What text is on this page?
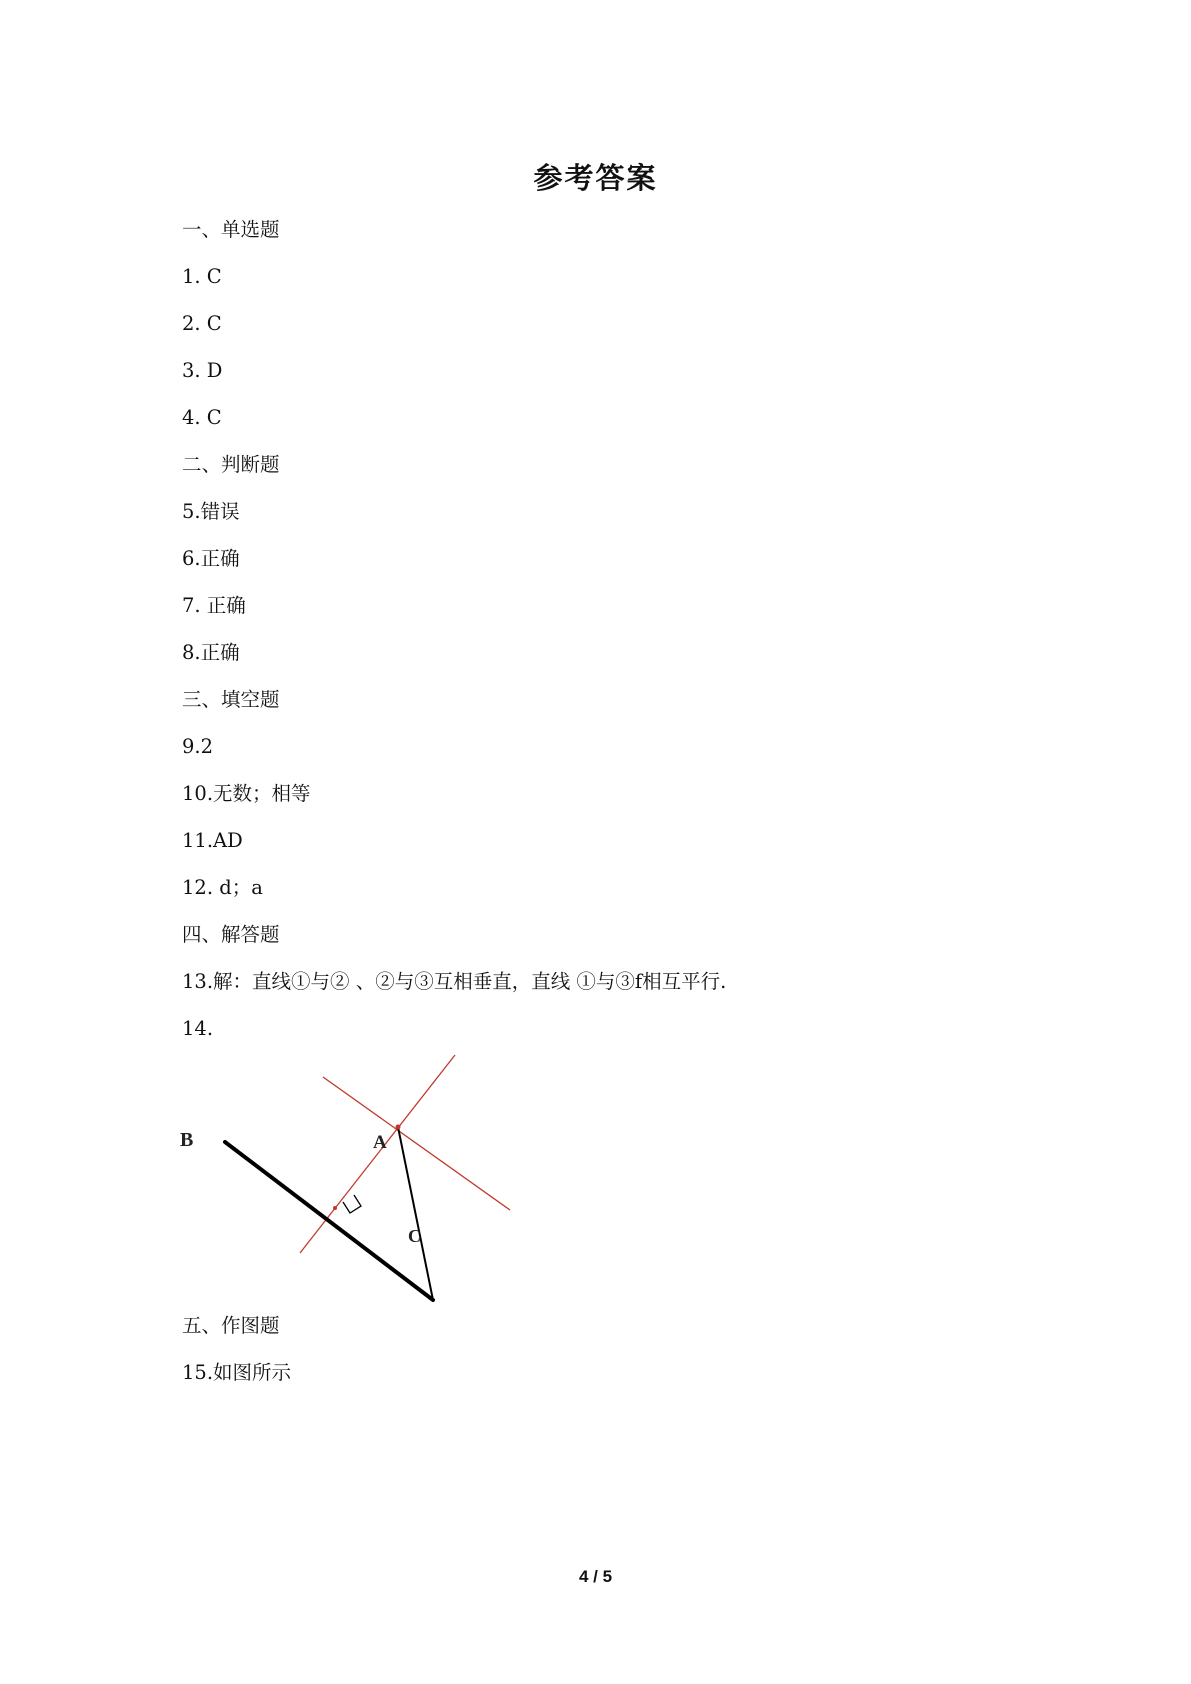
参考答案
一、单选题
1. C
2. C
3. D
4. C
二、判断题
5.错误
6.正确
7. 正确
8.正确
三、填空题
9.2
10.无数；相等
11.AD
12. d；a
四、解答题
13.解：直线①与② 、②与③互相垂直，直线 ①与③f相互平行.
14.
五、作图题
15.如图所示
B	A
C
4 / 5
